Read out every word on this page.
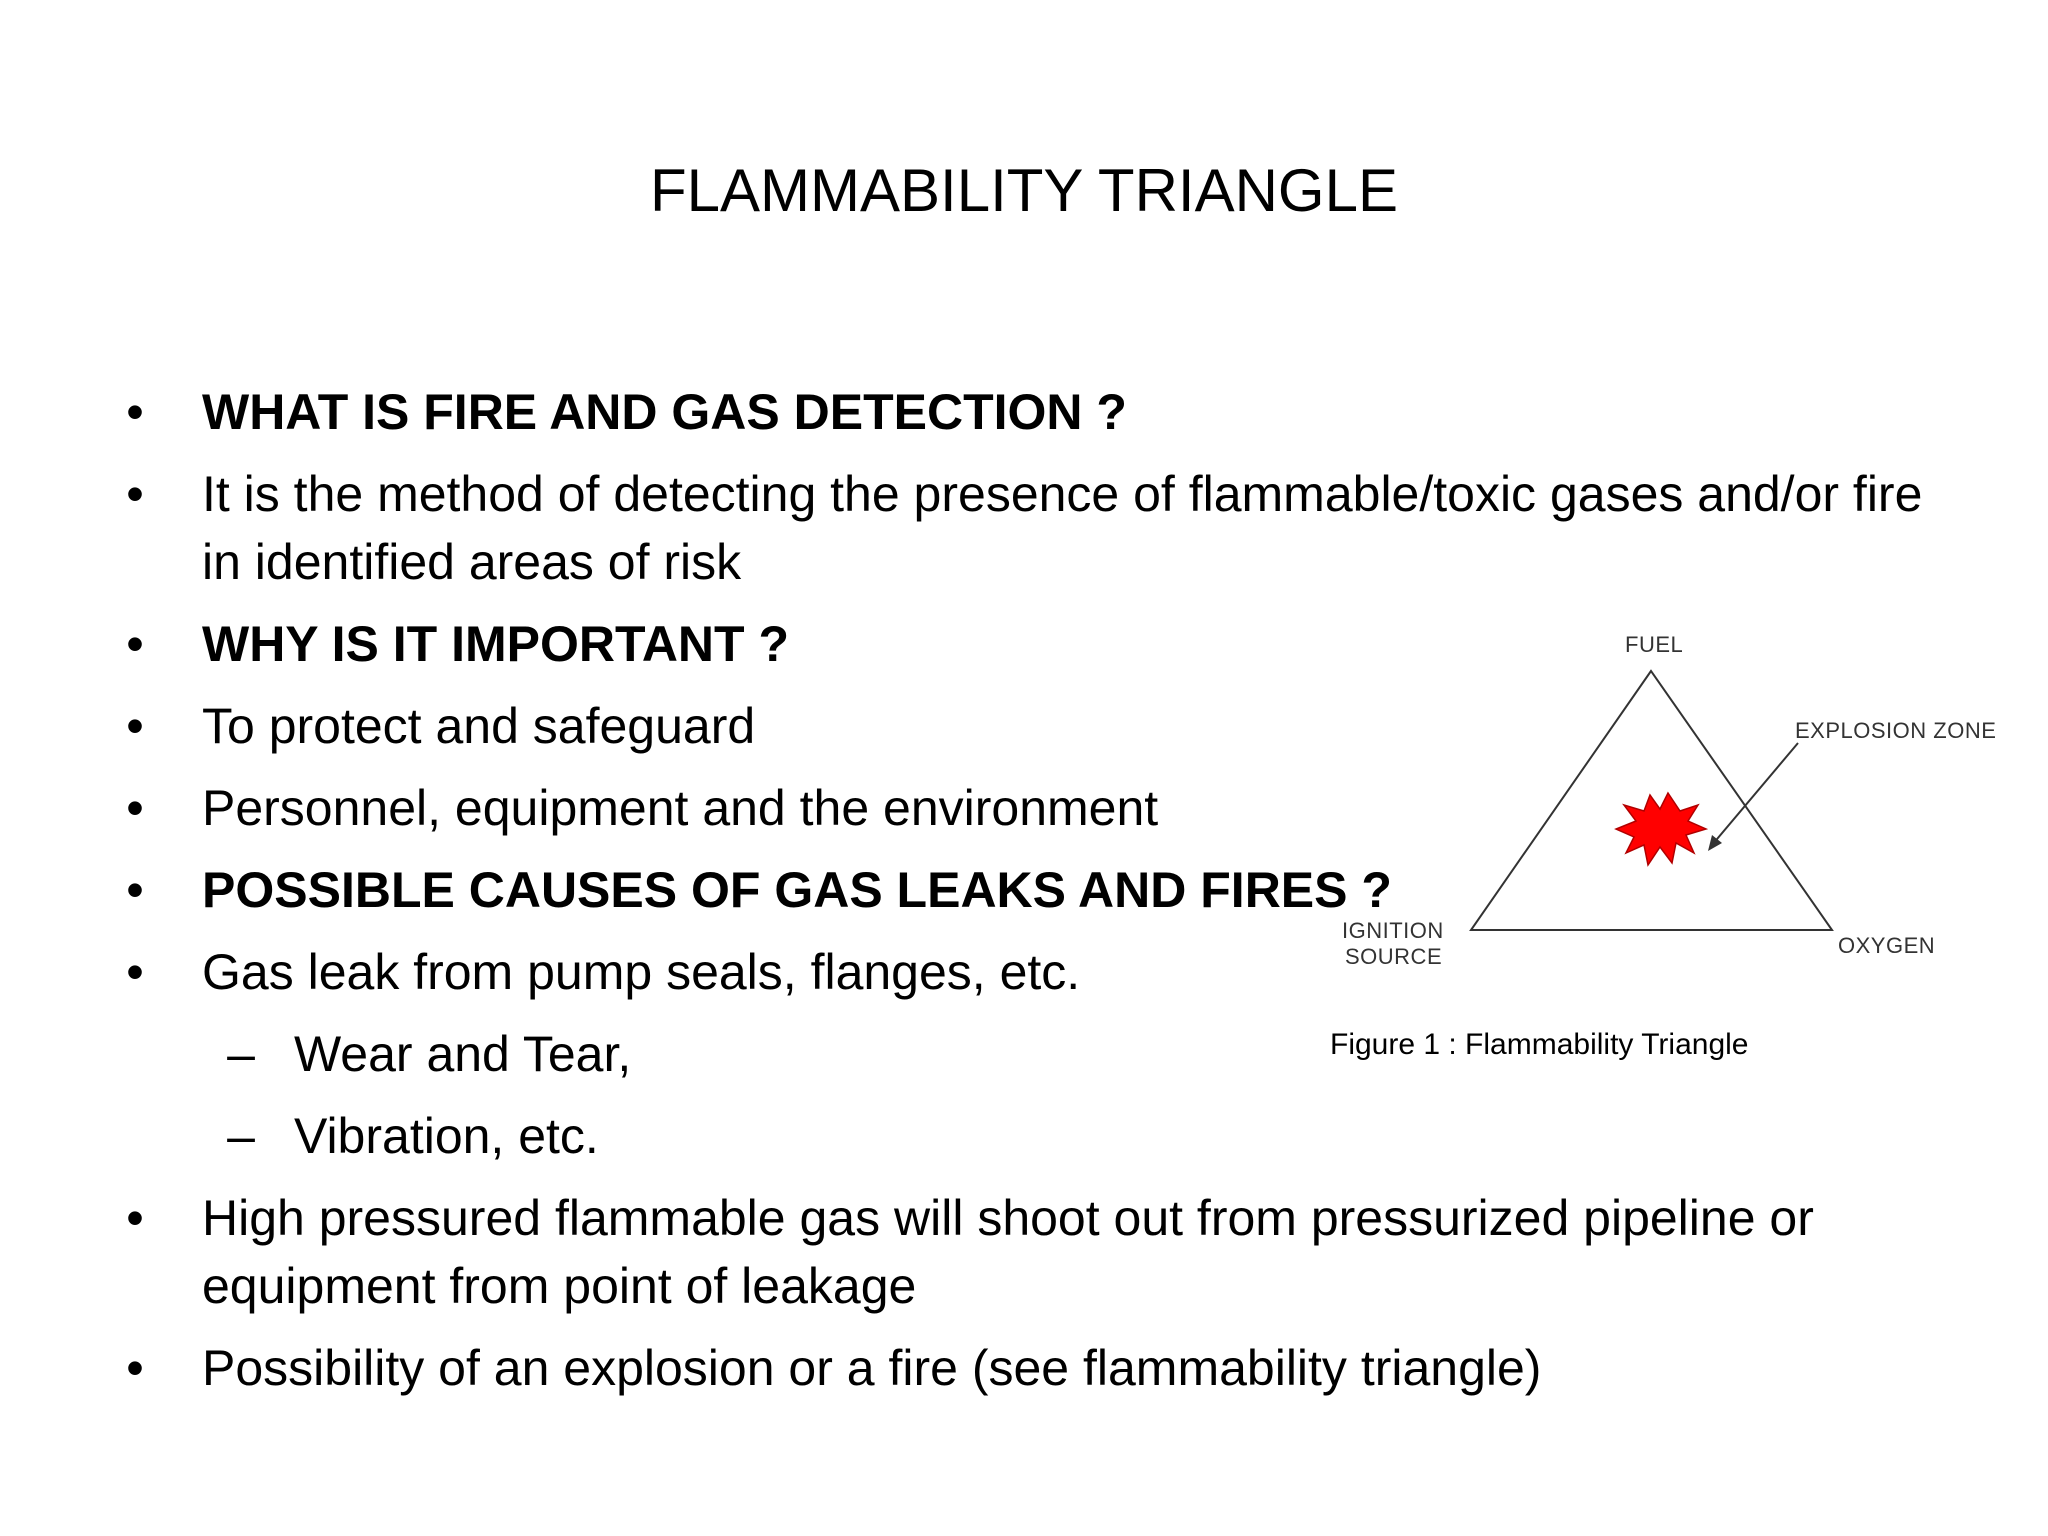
FLAMMABILITY TRIANGLE
• WHAT IS FIRE AND GAS DETECTION ?
• It is the method of detecting the presence of flammable/toxic gases and/or fire in identified areas of risk
• WHY IS IT IMPORTANT ?
• To protect and safeguard
• Personnel, equipment and the environment
• POSSIBLE CAUSES OF GAS LEAKS AND FIRES ?
• Gas leak from pump seals, flanges, etc.
– Wear and Tear,
– Vibration, etc.
• High pressured flammable gas will shoot out from pressurized pipeline or equipment from point of leakage
• Possibility of an explosion or a fire (see flammability triangle)
FUEL
EXPLOSION ZONE
IGNITION
SOURCE	OXYGEN
Figure 1 : Flammability Triangle
